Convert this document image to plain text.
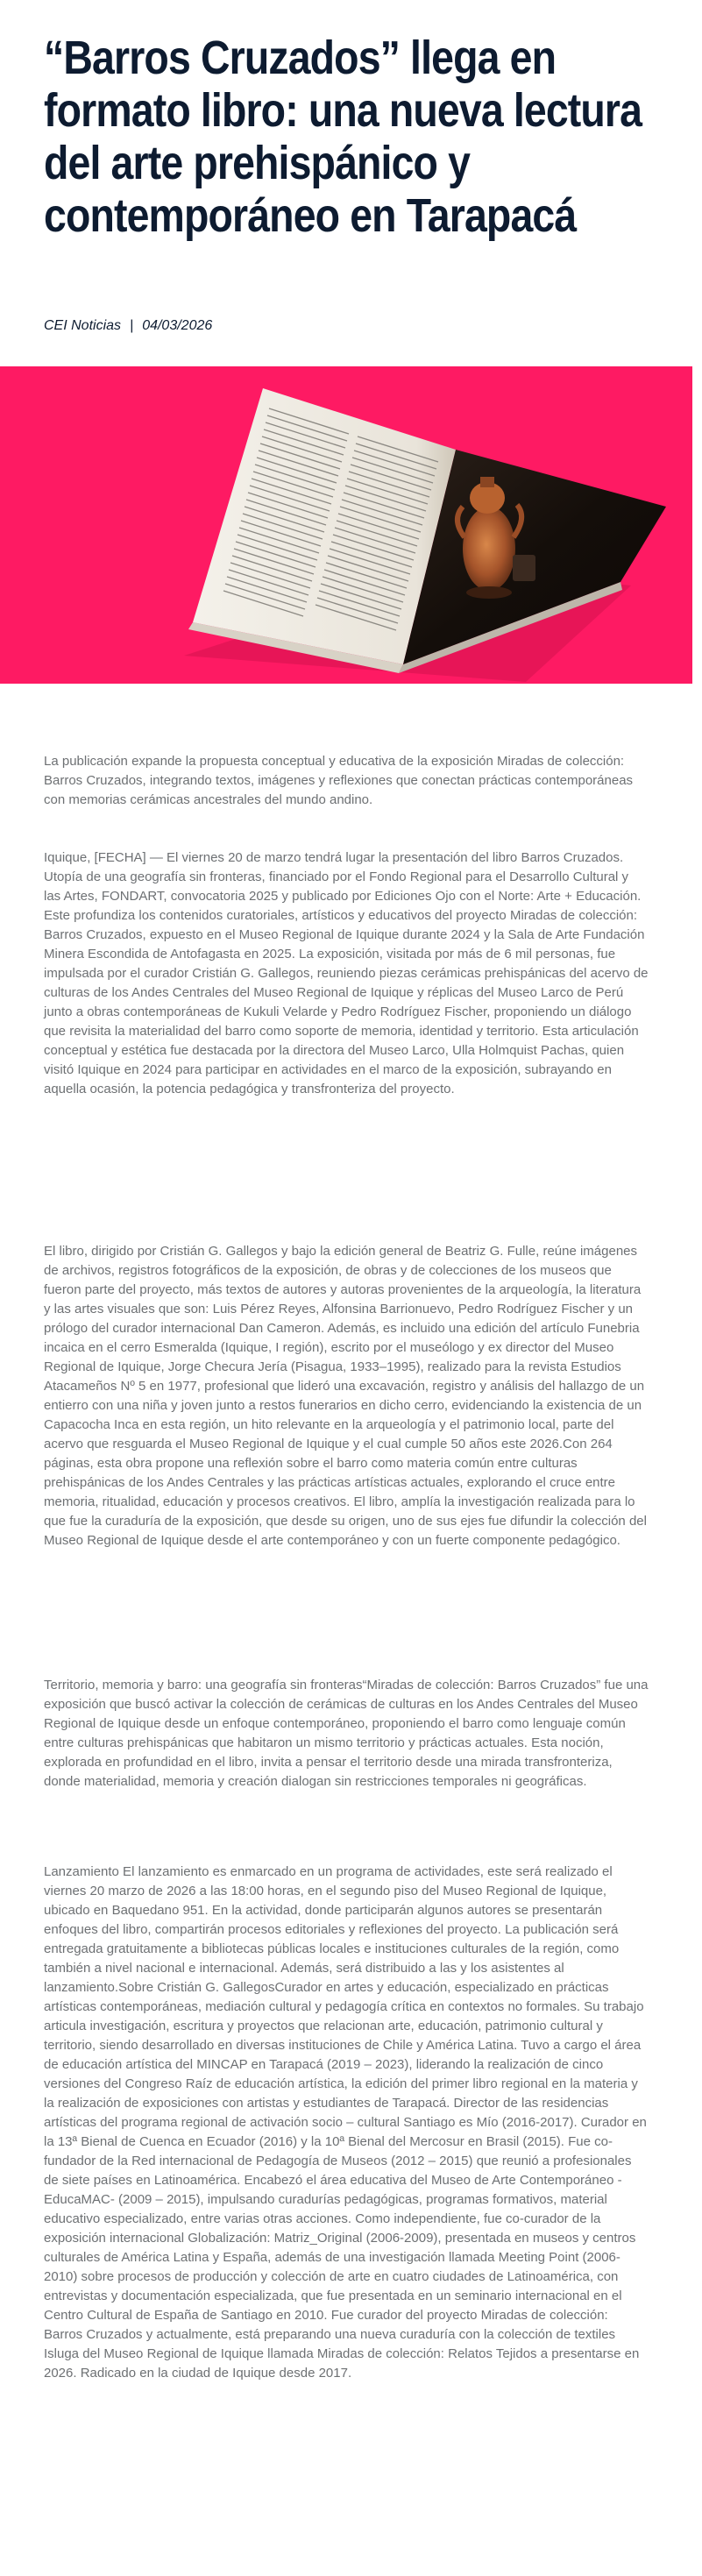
“Barros Cruzados” llega en formato libro: una nueva lectura del arte prehispánico y contemporáneo en Tarapacá
CEI Noticias | 04/03/2026

La publicación expande la propuesta conceptual y educativa de la exposición Miradas de colección: Barros Cruzados, integrando textos, imágenes y reflexiones que conectan prácticas contemporáneas con memorias cerámicas ancestrales del mundo andino.

Iquique, [FECHA] — El viernes 20 de marzo tendrá lugar la presentación del libro Barros Cruzados. Utopía de una geografía sin fronteras, financiado por el Fondo Regional para el Desarrollo Cultural y las Artes, FONDART, convocatoria 2025 y publicado por Ediciones Ojo con el Norte: Arte + Educación. Este profundiza los contenidos curatoriales, artísticos y educativos del proyecto Miradas de colección: Barros Cruzados, expuesto en el Museo Regional de Iquique durante 2024 y la Sala de Arte Fundación Minera Escondida de Antofagasta en 2025. La exposición, visitada por más de 6 mil personas, fue impulsada por el curador Cristián G. Gallegos, reuniendo piezas cerámicas prehispánicas del acervo de culturas de los Andes Centrales del Museo Regional de Iquique y réplicas del Museo Larco de Perú junto a obras contemporáneas de Kukuli Velarde y Pedro Rodríguez Fischer, proponiendo un diálogo que revisita la materialidad del barro como soporte de memoria, identidad y territorio. Esta articulación conceptual y estética fue destacada por la directora del Museo Larco, Ulla Holmquist Pachas, quien visitó Iquique en 2024 para participar en actividades en el marco de la exposición, subrayando en aquella ocasión, la potencia pedagógica y transfronteriza del proyecto.

El libro, dirigido por Cristián G. Gallegos y bajo la edición general de Beatriz G. Fulle, reúne imágenes de archivos, registros fotográficos de la exposición, de obras y de colecciones de los museos que fueron parte del proyecto, más textos de autores y autoras provenientes de la arqueología, la literatura y las artes visuales que son: Luis Pérez Reyes, Alfonsina Barrionuevo, Pedro Rodríguez Fischer y un prólogo del curador internacional Dan Cameron. Además, es incluido una edición del artículo Funebria incaica en el cerro Esmeralda (Iquique, I región), escrito por el museólogo y ex director del Museo Regional de Iquique, Jorge Checura Jería (Pisagua, 1933–1995), realizado para la revista Estudios Atacameños Nº 5 en 1977, profesional que lideró una excavación, registro y análisis del hallazgo de un entierro con una niña y joven junto a restos funerarios en dicho cerro, evidenciando la existencia de un Capacocha Inca en esta región, un hito relevante en la arqueología y el patrimonio local, parte del acervo que resguarda el Museo Regional de Iquique y el cual cumple 50 años este 2026.Con 264 páginas, esta obra propone una reflexión sobre el barro como materia común entre culturas prehispánicas de los Andes Centrales y las prácticas artísticas actuales, explorando el cruce entre memoria, ritualidad, educación y procesos creativos. El libro, amplía la investigación realizada para lo que fue la curaduría de la exposición, que desde su origen, uno de sus ejes fue difundir la colección del Museo Regional de Iquique desde el arte contemporáneo y con un fuerte componente pedagógico.

Territorio, memoria y barro: una geografía sin fronteras“Miradas de colección: Barros Cruzados” fue una exposición que buscó activar la colección de cerámicas de culturas en los Andes Centrales del Museo Regional de Iquique desde un enfoque contemporáneo, proponiendo el barro como lenguaje común entre culturas prehispánicas que habitaron un mismo territorio y prácticas actuales. Esta noción, explorada en profundidad en el libro, invita a pensar el territorio desde una mirada transfronteriza, donde materialidad, memoria y creación dialogan sin restricciones temporales ni geográficas.

Lanzamiento El lanzamiento es enmarcado en un programa de actividades, este será realizado el viernes 20 marzo de 2026 a las 18:00 horas, en el segundo piso del Museo Regional de Iquique, ubicado en Baquedano 951. En la actividad, donde participarán algunos autores se presentarán enfoques del libro, compartirán procesos editoriales y reflexiones del proyecto. La publicación será entregada gratuitamente a bibliotecas públicas locales e instituciones culturales de la región, como también a nivel nacional e internacional. Además, será distribuido a las y los asistentes al lanzamiento.Sobre Cristián G. GallegosCurador en artes y educación, especializado en prácticas artísticas contemporáneas, mediación cultural y pedagogía crítica en contextos no formales. Su trabajo articula investigación, escritura y proyectos que relacionan arte, educación, patrimonio cultural y territorio, siendo desarrollado en diversas instituciones de Chile y América Latina. Tuvo a cargo el área de educación artística del MINCAP en Tarapacá (2019 – 2023), liderando la realización de cinco versiones del Congreso Raíz de educación artística, la edición del primer libro regional en la materia y la realización de exposiciones con artistas y estudiantes de Tarapacá. Director de las residencias artísticas del programa regional de activación socio – cultural Santiago es Mío (2016-2017). Curador en la 13ª Bienal de Cuenca en Ecuador (2016) y la 10ª Bienal del Mercosur en Brasil (2015). Fue co-fundador de la Red internacional de Pedagogía de Museos (2012 – 2015) que reunió a profesionales de siete países en Latinoamérica. Encabezó el área educativa del Museo de Arte Contemporáneo -EducaMAC- (2009 – 2015), impulsando curadurías pedagógicas, programas formativos, material educativo especializado, entre varias otras acciones. Como independiente, fue co-curador de la exposición internacional Globalización: Matriz_Original (2006-2009), presentada en museos y centros culturales de América Latina y España, además de una investigación llamada Meeting Point (2006-2010) sobre procesos de producción y colección de arte en cuatro ciudades de Latinoamérica, con entrevistas y documentación especializada, que fue presentada en un seminario internacional en el Centro Cultural de España de Santiago en 2010. Fue curador del proyecto Miradas de colección: Barros Cruzados y actualmente, está preparando una nueva curaduría con la colección de textiles Isluga del Museo Regional de Iquique llamada Miradas de colección: Relatos Tejidos a presentarse en 2026. Radicado en la ciudad de Iquique desde 2017.
